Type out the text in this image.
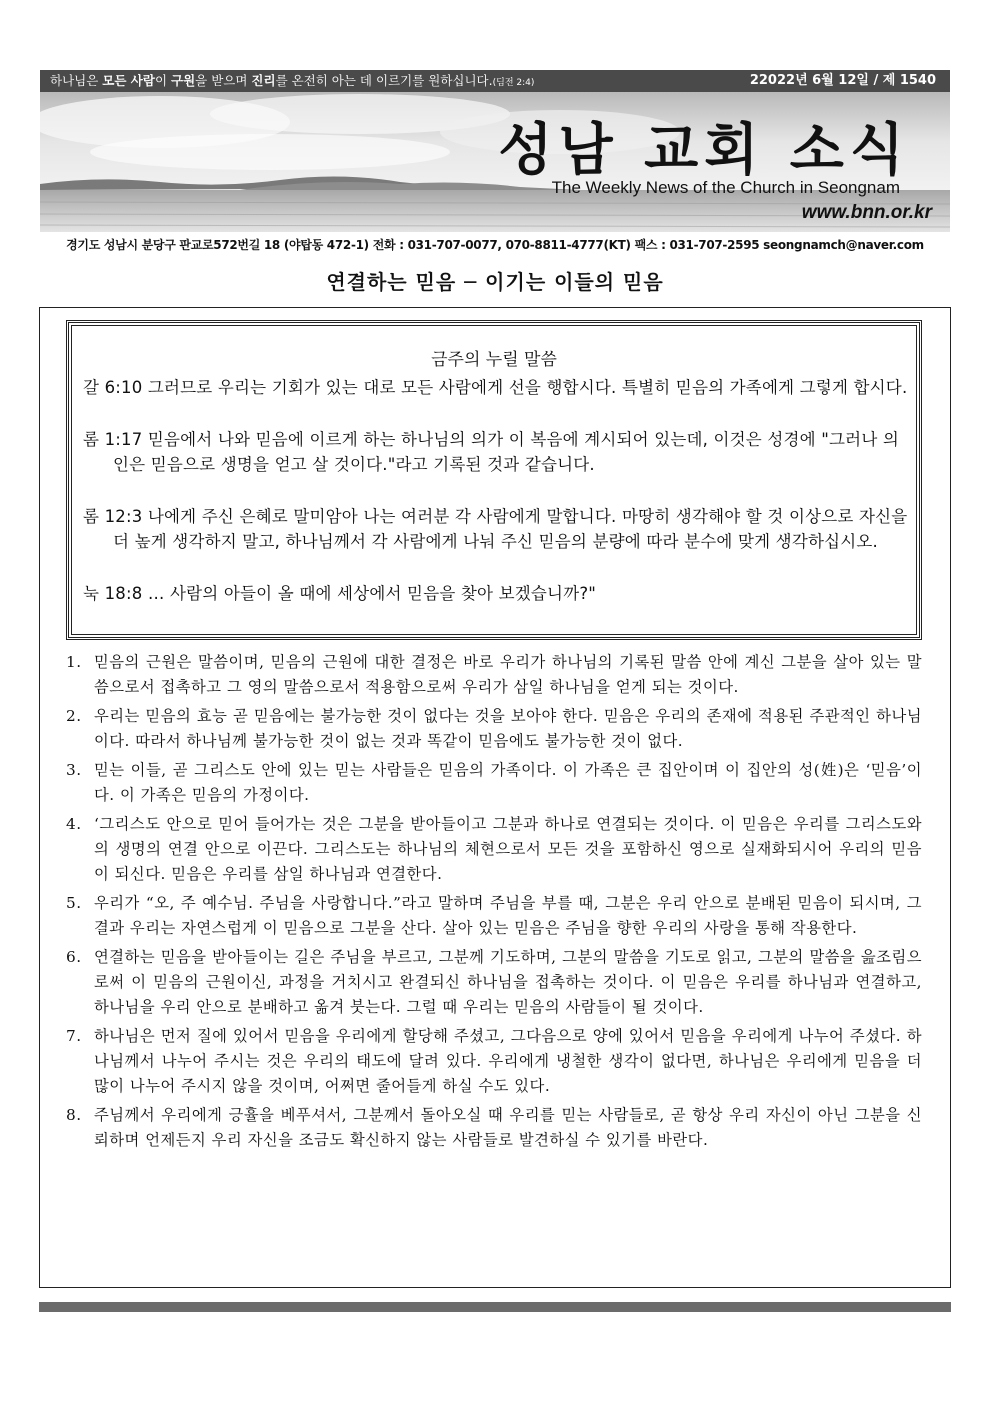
하나님은 모든 사람이 구원을 받으며 진리를 온전히 아는 데 이르기를 원하십니다.(딤전 2:4)	22022년 6월 12일 / 제 1540
성남 교회 소식
The Weekly News of the Church in Seongnam
www.bnn.or.kr
경기도 성남시 분당구 판교로572번길 18 (야탑동 472-1) 전화 : 031-707-0077, 070-8811-4777(KT) 팩스 : 031-707-2595 seongnamch@naver.com
연결하는 믿음 ─ 이기는 이들의 믿음
금주의 누릴 말씀
갈 6:10 그러므로 우리는 기회가 있는 대로 모든 사람에게 선을 행합시다. 특별히 믿음의 가족에게 그렇게 합시다.
롬 1:17 믿음에서 나와 믿음에 이르게 하는 하나님의 의가 이 복음에 계시되어 있는데, 이것은 성경에 "그러나 의인은 믿음으로 생명을 얻고 살 것이다."라고 기록된 것과 같습니다.
롬 12:3 나에게 주신 은혜로 말미암아 나는 여러분 각 사람에게 말합니다. 마땅히 생각해야 할 것 이상으로 자신을 더 높게 생각하지 말고, 하나님께서 각 사람에게 나눠 주신 믿음의 분량에 따라 분수에 맞게 생각하십시오.
눅 18:8 … 사람의 아들이 올 때에 세상에서 믿음을 찾아 보겠습니까?"
1. 믿음의 근원은 말씀이며, 믿음의 근원에 대한 결정은 바로 우리가 하나님의 기록된 말씀 안에 계신 그분을 살아 있는 말씀으로서 접촉하고 그 영의 말씀으로서 적용함으로써 우리가 삼일 하나님을 얻게 되는 것이다.
2. 우리는 믿음의 효능 곧 믿음에는 불가능한 것이 없다는 것을 보아야 한다. 믿음은 우리의 존재에 적용된 주관적인 하나님이다. 따라서 하나님께 불가능한 것이 없는 것과 똑같이 믿음에도 불가능한 것이 없다.
3. 믿는 이들, 곧 그리스도 안에 있는 믿는 사람들은 믿음의 가족이다. 이 가족은 큰 집안이며 이 집안의 성(姓)은 ‘믿음’이다. 이 가족은 믿음의 가정이다.
4. ‘그리스도 안으로 믿어 들어가는 것은 그분을 받아들이고 그분과 하나로 연결되는 것이다. 이 믿음은 우리를 그리스도와의 생명의 연결 안으로 이끈다. 그리스도는 하나님의 체현으로서 모든 것을 포함하신 영으로 실재화되시어 우리의 믿음이 되신다. 믿음은 우리를 삼일 하나님과 연결한다.
5. 우리가 “오, 주 예수님. 주님을 사랑합니다.”라고 말하며 주님을 부를 때, 그분은 우리 안으로 분배된 믿음이 되시며, 그 결과 우리는 자연스럽게 이 믿음으로 그분을 산다. 살아 있는 믿음은 주님을 향한 우리의 사랑을 통해 작용한다.
6. 연결하는 믿음을 받아들이는 길은 주님을 부르고, 그분께 기도하며, 그분의 말씀을 기도로 읽고, 그분의 말씀을 읊조림으로써 이 믿음의 근원이신, 과정을 거치시고 완결되신 하나님을 접촉하는 것이다. 이 믿음은 우리를 하나님과 연결하고, 하나님을 우리 안으로 분배하고 옮겨 붓는다. 그럴 때 우리는 믿음의 사람들이 될 것이다.
7. 하나님은 먼저 질에 있어서 믿음을 우리에게 할당해 주셨고, 그다음으로 양에 있어서 믿음을 우리에게 나누어 주셨다. 하나님께서 나누어 주시는 것은 우리의 태도에 달려 있다. 우리에게 냉철한 생각이 없다면, 하나님은 우리에게 믿음을 더 많이 나누어 주시지 않을 것이며, 어쩌면 줄어들게 하실 수도 있다.
8. 주님께서 우리에게 긍휼을 베푸셔서, 그분께서 돌아오실 때 우리를 믿는 사람들로, 곧 항상 우리 자신이 아닌 그분을 신뢰하며 언제든지 우리 자신을 조금도 확신하지 않는 사람들로 발견하실 수 있기를 바란다.
